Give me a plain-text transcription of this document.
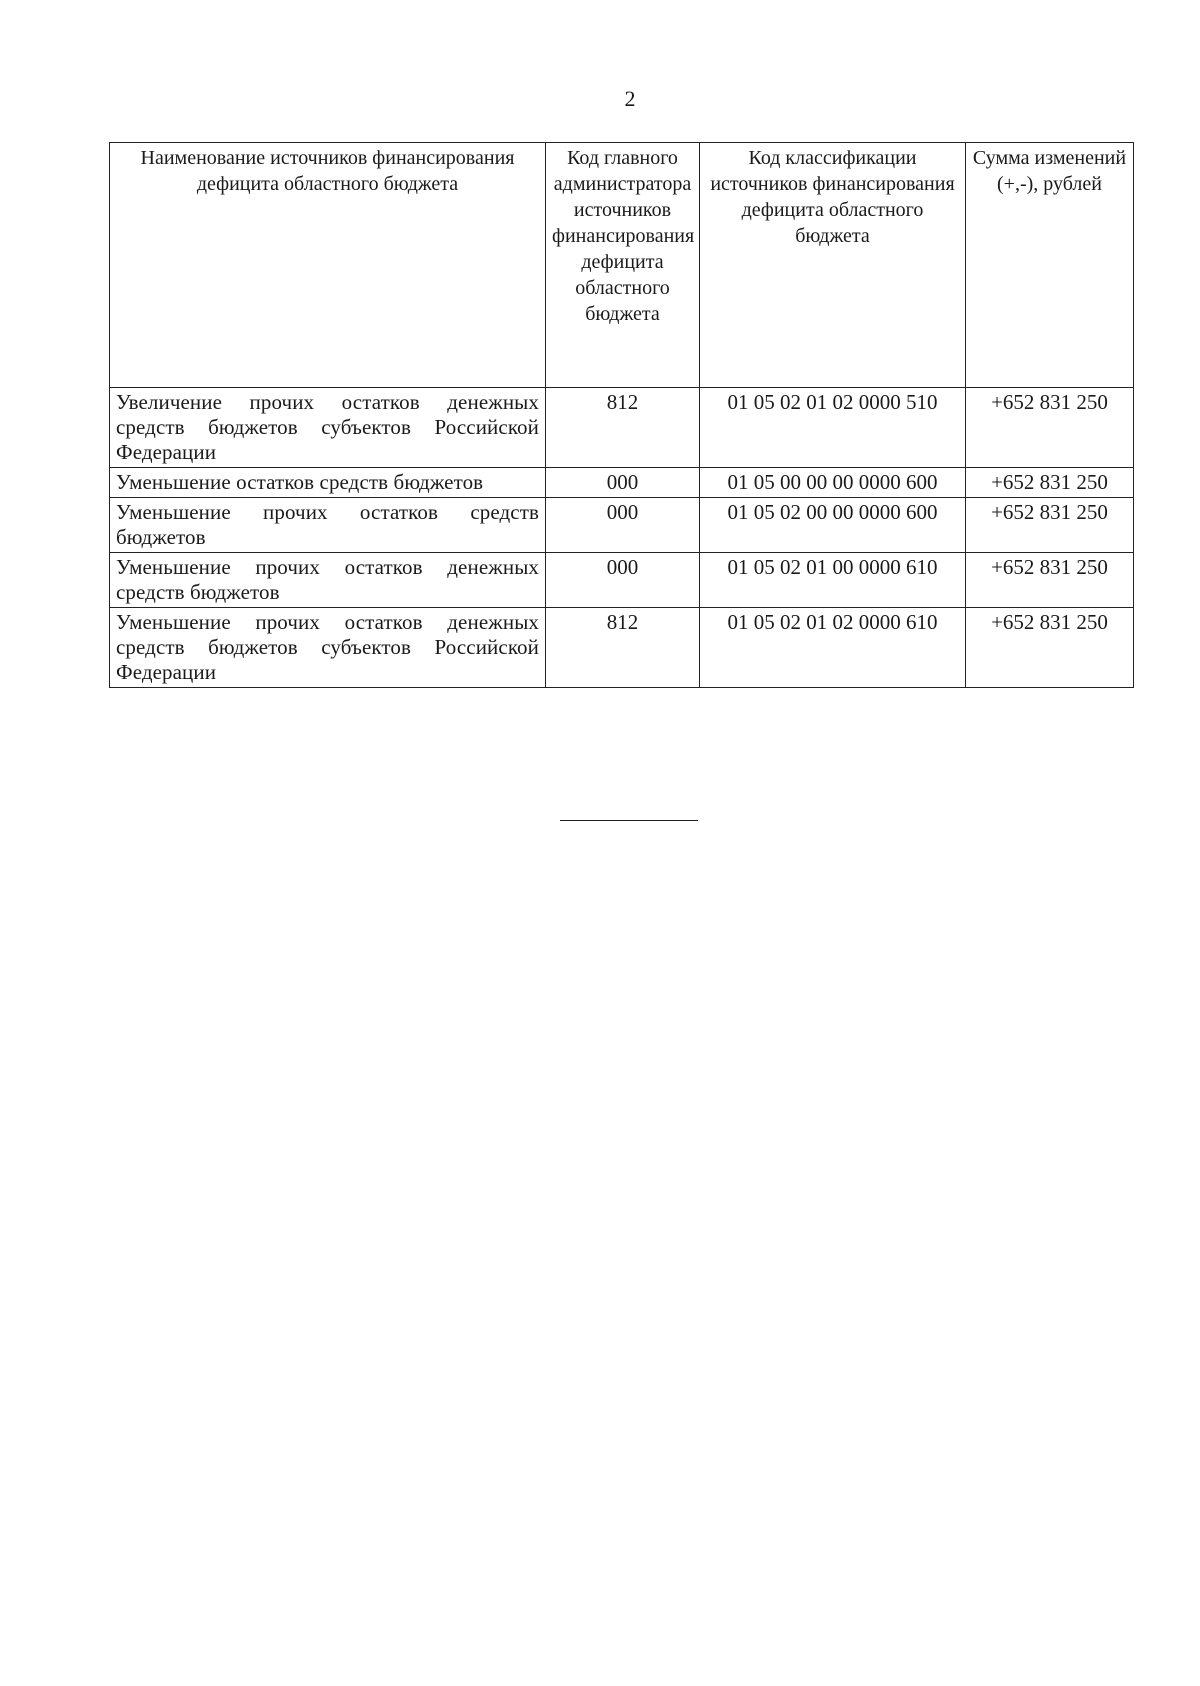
2
Наименование источников финансирования дефицита областного бюджета	Код главного администратора источников финансирования дефицита областного бюджета	Код классификации источников финансирования дефицита областного бюджета	Сумма изменений (+,-), рублей
Увеличение прочих остатков денежных средств бюджетов субъектов Российской Федерации	812	01 05 02 01 02 0000 510	+652 831 250
Уменьшение остатков средств бюджетов	000	01 05 00 00 00 0000 600	+652 831 250
Уменьшение прочих остатков средств бюджетов	000	01 05 02 00 00 0000 600	+652 831 250
Уменьшение прочих остатков денежных средств бюджетов	000	01 05 02 01 00 0000 610	+652 831 250
Уменьшение прочих остатков денежных средств бюджетов субъектов Российской Федерации	812	01 05 02 01 02 0000 610	+652 831 250
